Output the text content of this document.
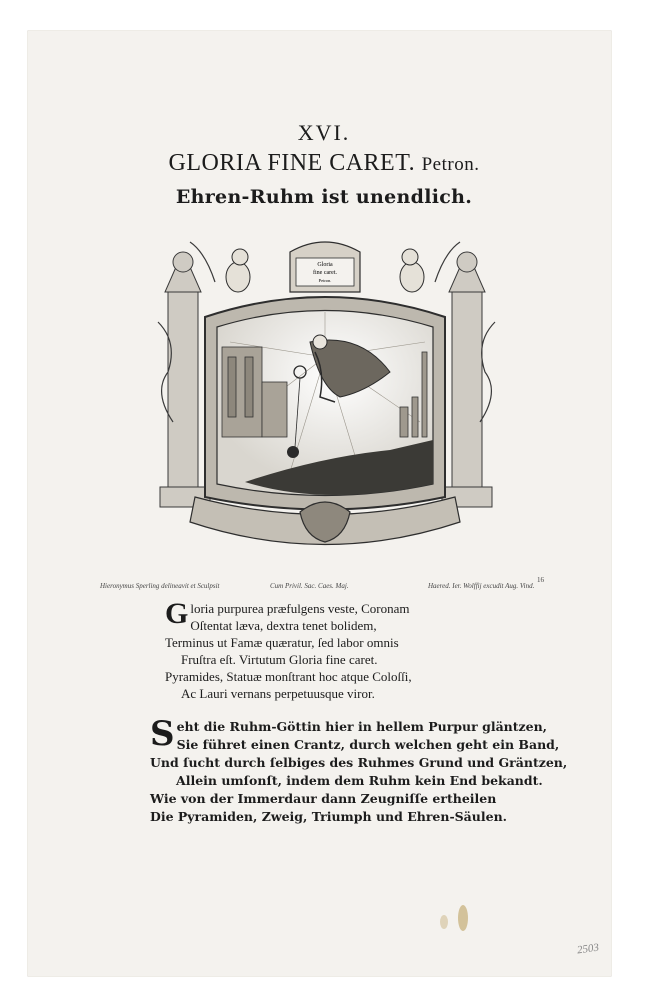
XVI.
GLORIA FINE CARET. Petron.
Ehren-Ruhm ist unendlich.
Gloria
fine caret.
Petron.
Hieronymus Sperling delineavit et Sculpsit	Cum Privil. Sac. Caes. Maj.	Haered. Ier. Wolffij excudit Aug. Vind.
16
G loria purpurea præfulgens veste, Coronam
Oſtentat læva, dextra tenet bolidem,
Terminus ut Famæ quæratur, ſed labor omnis
Fruſtra eſt. Virtutum Gloria fine caret.
Pyramides, Statuæ monſtrant hoc atque Coloſſi,
Ac Lauri vernans perpetuusque viror.
S eht die Ruhm-Göttin hier in hellem Purpur gläntzen,
Sie führet einen Crantz, durch welchen geht ein Band,
Und ſucht durch ſelbiges des Ruhmes Grund und Gräntzen,
Allein umſonſt, indem dem Ruhm kein End bekandt.
Wie von der Immerdaur dann Zeugniſſe ertheilen
Die Pyramiden, Zweig, Triumph und Ehren-Säulen.
2503
